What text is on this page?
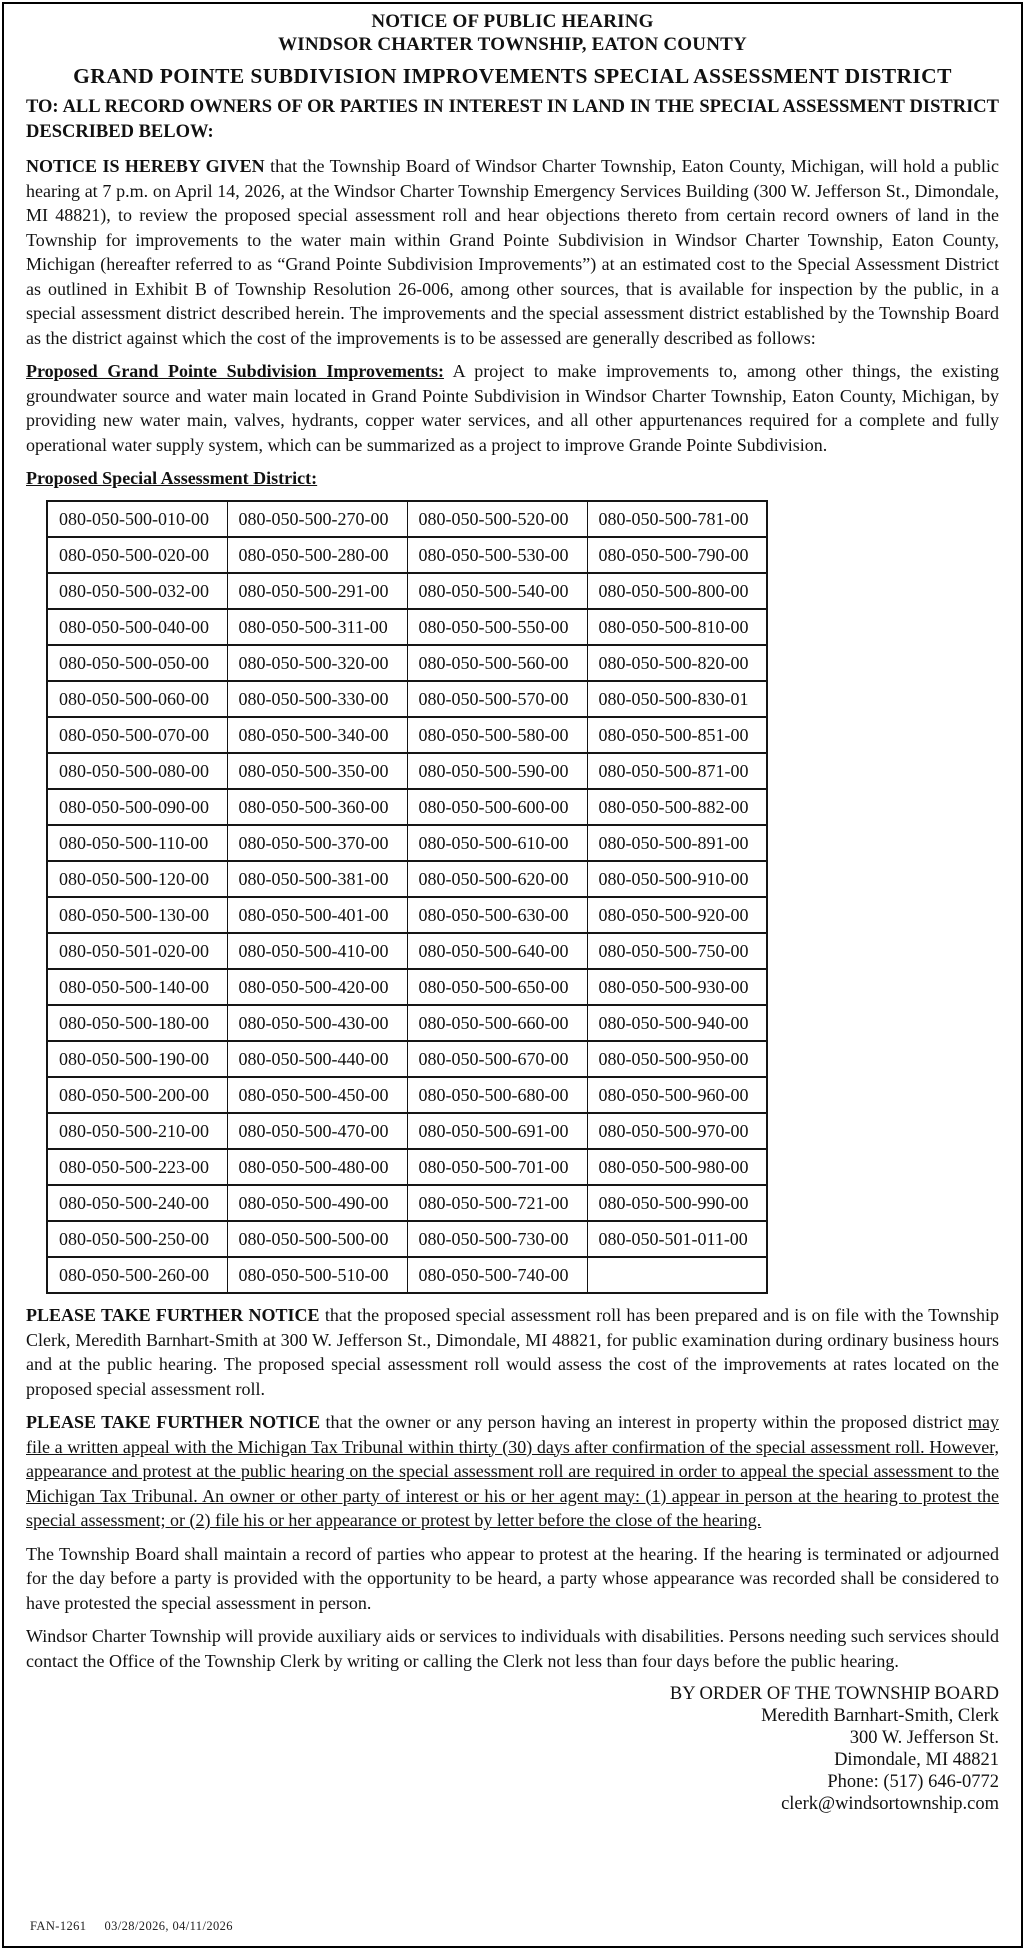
NOTICE OF PUBLIC HEARING
WINDSOR CHARTER TOWNSHIP, EATON COUNTY
GRAND POINTE SUBDIVISION IMPROVEMENTS SPECIAL ASSESSMENT DISTRICT
TO: ALL RECORD OWNERS OF OR PARTIES IN INTEREST IN LAND IN THE SPECIAL ASSESSMENT DISTRICT DESCRIBED BELOW:

NOTICE IS HEREBY GIVEN that the Township Board of Windsor Charter Township, Eaton County, Michigan, will hold a public hearing at 7 p.m. on April 14, 2026, at the Windsor Charter Township Emergency Services Building (300 W. Jefferson St., Dimondale, MI 48821), to review the proposed special assessment roll and hear objections thereto from certain record owners of land in the Township for improvements to the water main within Grand Pointe Subdivision in Windsor Charter Township, Eaton County, Michigan (hereafter referred to as “Grand Pointe Subdivision Improvements”) at an estimated cost to the Special Assessment District as outlined in Exhibit B of Township Resolution 26-006, among other sources, that is available for inspection by the public, in a special assessment district described herein. The improvements and the special assessment district established by the Township Board as the district against which the cost of the improvements is to be assessed are generally described as follows:

Proposed Grand Pointe Subdivision Improvements: A project to make improvements to, among other things, the existing groundwater source and water main located in Grand Pointe Subdivision in Windsor Charter Township, Eaton County, Michigan, by providing new water main, valves, hydrants, copper water services, and all other appurtenances required for a complete and fully operational water supply system, which can be summarized as a project to improve Grande Pointe Subdivision.

Proposed Special Assessment District:
080-050-500-010-00	080-050-500-270-00	080-050-500-520-00	080-050-500-781-00
080-050-500-020-00	080-050-500-280-00	080-050-500-530-00	080-050-500-790-00
080-050-500-032-00	080-050-500-291-00	080-050-500-540-00	080-050-500-800-00
080-050-500-040-00	080-050-500-311-00	080-050-500-550-00	080-050-500-810-00
080-050-500-050-00	080-050-500-320-00	080-050-500-560-00	080-050-500-820-00
080-050-500-060-00	080-050-500-330-00	080-050-500-570-00	080-050-500-830-01
080-050-500-070-00	080-050-500-340-00	080-050-500-580-00	080-050-500-851-00
080-050-500-080-00	080-050-500-350-00	080-050-500-590-00	080-050-500-871-00
080-050-500-090-00	080-050-500-360-00	080-050-500-600-00	080-050-500-882-00
080-050-500-110-00	080-050-500-370-00	080-050-500-610-00	080-050-500-891-00
080-050-500-120-00	080-050-500-381-00	080-050-500-620-00	080-050-500-910-00
080-050-500-130-00	080-050-500-401-00	080-050-500-630-00	080-050-500-920-00
080-050-501-020-00	080-050-500-410-00	080-050-500-640-00	080-050-500-750-00
080-050-500-140-00	080-050-500-420-00	080-050-500-650-00	080-050-500-930-00
080-050-500-180-00	080-050-500-430-00	080-050-500-660-00	080-050-500-940-00
080-050-500-190-00	080-050-500-440-00	080-050-500-670-00	080-050-500-950-00
080-050-500-200-00	080-050-500-450-00	080-050-500-680-00	080-050-500-960-00
080-050-500-210-00	080-050-500-470-00	080-050-500-691-00	080-050-500-970-00
080-050-500-223-00	080-050-500-480-00	080-050-500-701-00	080-050-500-980-00
080-050-500-240-00	080-050-500-490-00	080-050-500-721-00	080-050-500-990-00
080-050-500-250-00	080-050-500-500-00	080-050-500-730-00	080-050-501-011-00
080-050-500-260-00	080-050-500-510-00	080-050-500-740-00	

PLEASE TAKE FURTHER NOTICE that the proposed special assessment roll has been prepared and is on file with the Township Clerk, Meredith Barnhart-Smith at 300 W. Jefferson St., Dimondale, MI 48821, for public examination during ordinary business hours and at the public hearing. The proposed special assessment roll would assess the cost of the improvements at rates located on the proposed special assessment roll.

PLEASE TAKE FURTHER NOTICE that the owner or any person having an interest in property within the proposed district may file a written appeal with the Michigan Tax Tribunal within thirty (30) days after confirmation of the special assessment roll. However, appearance and protest at the public hearing on the special assessment roll are required in order to appeal the special assessment to the Michigan Tax Tribunal. An owner or other party of interest or his or her agent may: (1) appear in person at the hearing to protest the special assessment; or (2) file his or her appearance or protest by letter before the close of the hearing.

The Township Board shall maintain a record of parties who appear to protest at the hearing. If the hearing is terminated or adjourned for the day before a party is provided with the opportunity to be heard, a party whose appearance was recorded shall be considered to have protested the special assessment in person.

Windsor Charter Township will provide auxiliary aids or services to individuals with disabilities. Persons needing such services should contact the Office of the Township Clerk by writing or calling the Clerk not less than four days before the public hearing.

BY ORDER OF THE TOWNSHIP BOARD
Meredith Barnhart-Smith, Clerk
300 W. Jefferson St.
Dimondale, MI 48821
Phone: (517) 646-0772
clerk@windsortownship.com
FAN-1261 03/28/2026, 04/11/2026
